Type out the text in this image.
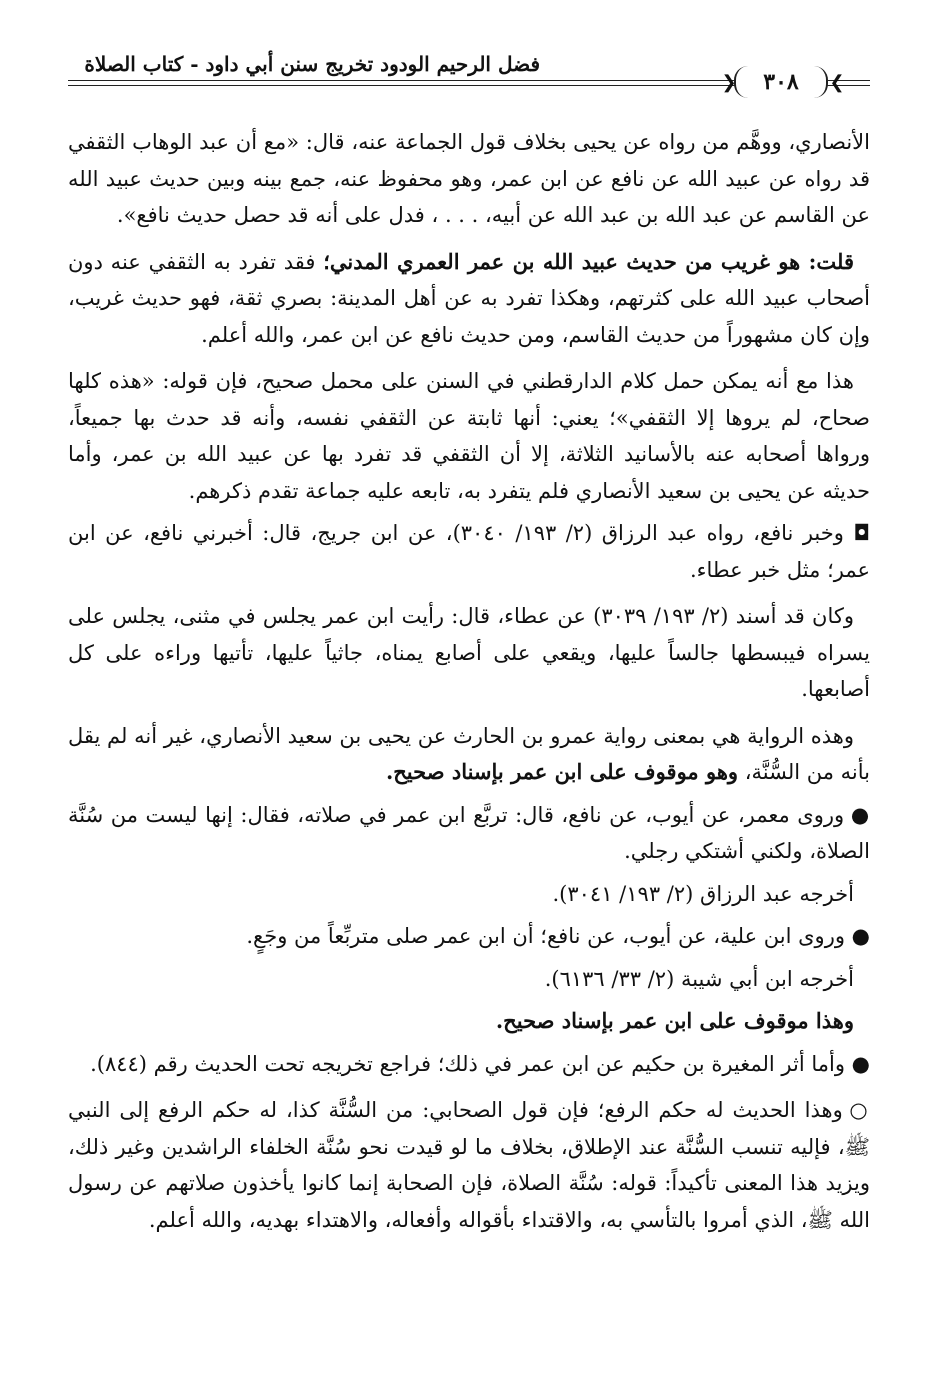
فضل الرحيم الودود تخريج سنن أبي داود - كتاب الصلاة
❮
٣٠٨
❯

الأنصاري، ووهَّم من رواه عن يحيى بخلاف قول الجماعة عنه، قال: «مع أن عبد الوهاب الثقفي قد رواه عن عبيد الله عن نافع عن ابن عمر، وهو محفوظ عنه، جمع بينه وبين حديث عبيد الله عن القاسم عن عبد الله بن عبد الله عن أبيه، . . . ، فدل على أنه قد حصل حديث نافع».

قلت: هو غريب من حديث عبيد الله بن عمر العمري المدني؛ فقد تفرد به الثقفي عنه دون أصحاب عبيد الله على كثرتهم، وهكذا تفرد به عن أهل المدينة: بصري ثقة، فهو حديث غريب، وإن كان مشهوراً من حديث القاسم، ومن حديث نافع عن ابن عمر، والله أعلم.

هذا مع أنه يمكن حمل كلام الدارقطني في السنن على محمل صحيح، فإن قوله: «هذه كلها صحاح، لم يروها إلا الثقفي»؛ يعني: أنها ثابتة عن الثقفي نفسه، وأنه قد حدث بها جميعاً، ورواها أصحابه عنه بالأسانيد الثلاثة، إلا أن الثقفي قد تفرد بها عن عبيد الله بن عمر، وأما حديثه عن يحيى بن سعيد الأنصاري فلم يتفرد به، تابعه عليه جماعة تقدم ذكرهم.

◘ وخبر نافع، رواه عبد الرزاق (٢/ ١٩٣/ ٣٠٤٠)، عن ابن جريج، قال: أخبرني نافع، عن ابن عمر؛ مثل خبر عطاء.

وكان قد أسند (٢/ ١٩٣/ ٣٠٣٩) عن عطاء، قال: رأيت ابن عمر يجلس في مثنى، يجلس على يسراه فيبسطها جالساً عليها، ويقعي على أصابع يمناه، جاثياً عليها، تأتيها وراءه على كل أصابعها.

وهذه الرواية هي بمعنى رواية عمرو بن الحارث عن يحيى بن سعيد الأنصاري، غير أنه لم يقل بأنه من السُّنَّة، وهو موقوف على ابن عمر بإسناد صحيح.

● وروى معمر، عن أيوب، عن نافع، قال: تربَّع ابن عمر في صلاته، فقال: إنها ليست من سُنَّة الصلاة، ولكني أشتكي رجلي.

أخرجه عبد الرزاق (٢/ ١٩٣/ ٣٠٤١).

● وروى ابن علية، عن أيوب، عن نافع؛ أن ابن عمر صلى متربِّعاً من وجَعٍ.

أخرجه ابن أبي شيبة (٢/ ٣٣/ ٦١٣٦).

وهذا موقوف على ابن عمر بإسناد صحيح.

● وأما أثر المغيرة بن حكيم عن ابن عمر في ذلك؛ فراجع تخريجه تحت الحديث رقم (٨٤٤).

○ وهذا الحديث له حكم الرفع؛ فإن قول الصحابي: من السُّنَّة كذا، له حكم الرفع إلى النبي ﷺ، فإليه تنسب السُّنَّة عند الإطلاق، بخلاف ما لو قيدت نحو سُنَّة الخلفاء الراشدين وغير ذلك، ويزيد هذا المعنى تأكيداً: قوله: سُنَّة الصلاة، فإن الصحابة إنما كانوا يأخذون صلاتهم عن رسول الله ﷺ، الذي أمروا بالتأسي به، والاقتداء بأقواله وأفعاله، والاهتداء بهديه، والله أعلم.
